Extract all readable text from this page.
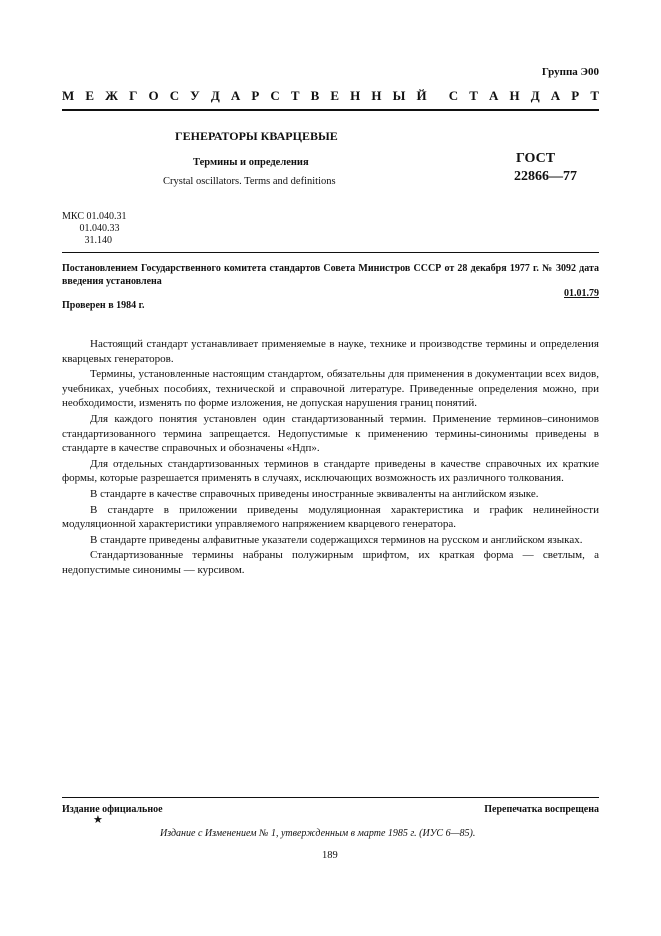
Группа Э00
М Е Ж Г О С У Д А Р С Т В Е Н Н Ы Й С Т А Н Д А Р Т
ГЕНЕРАТОРЫ КВАРЦЕВЫЕ
Термины и определения
Crystal oscillators. Terms and definitions
ГОСТ
22866—77
МКС 01.040.31
01.040.33
31.140
Постановлением Государственного комитета стандартов Совета Министров СССР от 28 декабря 1977 г. № 3092 дата введения установлена
01.01.79
Проверен в 1984 г.

Настоящий стандарт устанавливает применяемые в науке, технике и производстве термины и определения кварцевых генераторов.

Термины, установленные настоящим стандартом, обязательны для применения в документации всех видов, учебниках, учебных пособиях, технической и справочной литературе. Приведенные определения можно, при необходимости, изменять по форме изложения, не допуская нарушения границ понятий.

Для каждого понятия установлен один стандартизованный термин. Применение терминов–синонимов стандартизованного термина запрещается. Недопустимые к применению термины-синонимы приведены в стандарте в качестве справочных и обозначены «Ндп».

Для отдельных стандартизованных терминов в стандарте приведены в качестве справочных их краткие формы, которые разрешается применять в случаях, исключающих возможность их различного толкования.

В стандарте в качестве справочных приведены иностранные эквиваленты на английском языке.

В стандарте в приложении приведены модуляционная характеристика и график нелинейности модуляционной характеристики управляемого напряжением кварцевого генератора.

В стандарте приведены алфавитные указатели содержащихся терминов на русском и английском языках.

Стандартизованные термины набраны полужирным шрифтом, их краткая форма — светлым, а недопустимые синонимы — курсивом.

Издание официальное	Перепечатка воспрещена
★
Издание с Изменением № 1, утвержденным в марте 1985 г. (ИУС 6—85).
189
